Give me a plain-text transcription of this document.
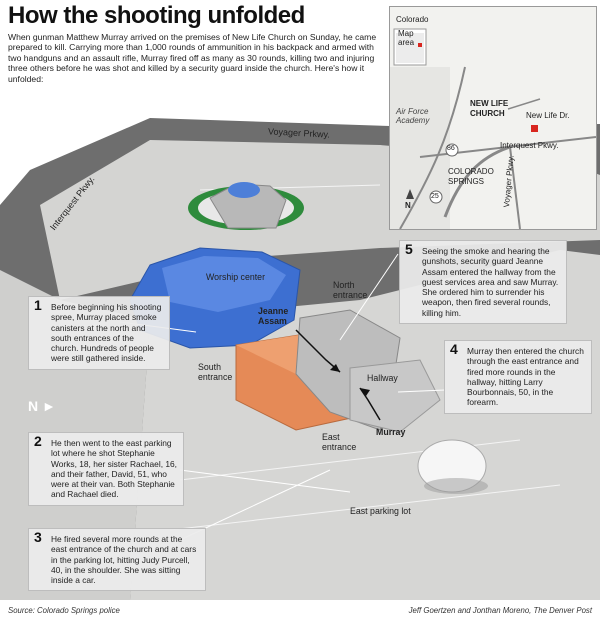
How the shooting unfolded
When gunman Matthew Murray arrived on the premises of New Life Church on Sunday, he came prepared to kill. Carrying more than 1,000 rounds of ammunition in his backpack and armed with two handguns and an assault rifle, Murray fired off as many as 30 rounds, killing two and injuring three others before he was shot and killed by a security guard inside the church. Here's how it unfolded:
Voyager Prkwy.
Interquest Pkwy.
Worship center
Jeanne Assam
North entrance
South entrance	Hallway
Murray
East entrance
East parking lot
N ►
1 Before beginning his shooting spree, Murray placed smoke canisters at the north and south entrances of the church. Hundreds of people were still gathered inside.
2 He then went to the east parking lot where he shot Stephanie Works, 18, her sister Rachael, 16, and their father, David, 51, who were at their van. Both Stephanie and Rachael died.
3 He fired several more rounds at the east entrance of the church and at cars in the parking lot, hitting Judy Purcell, 40, in the shoulder. She was sitting inside a car.
4 Murray then entered the church through the east entrance and fired more rounds in the hallway, hitting Larry Bourbonnais, 50, in the forearm.
5 Seeing the smoke and hearing the gunshots, security guard Jeanne Assam entered the hallway from the guest services area and saw Murray. She ordered him to surrender his weapon, then fired several rounds, killing him.
Colorado
Map area
Air Force Academy
NEW LIFE CHURCH	New Life Dr.
Interquest Pkwy.
86
COLORADO SPRINGS	Voyager Pkwy.
25
N
Source: Colorado Springs police	Jeff Goertzen and Jonthan Moreno, The Denver Post
